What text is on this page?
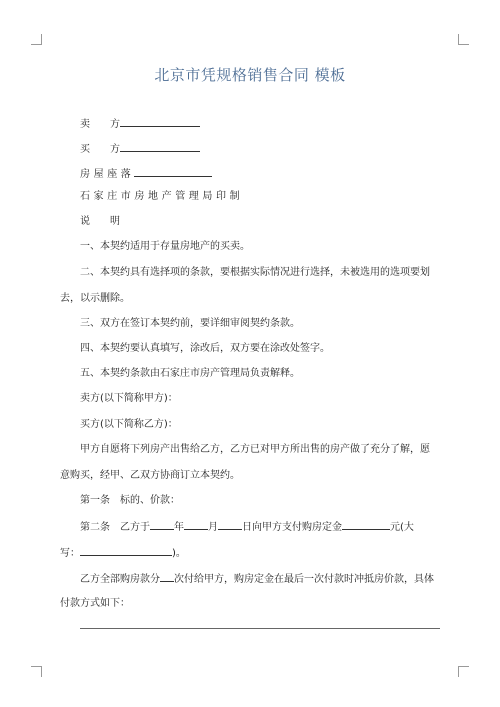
北京市凭规格销售合同 模板
卖　　方
买　　方
房屋座落
石家庄市房地产管理局印制
说　　明
一、本契约适用于存量房地产的买卖。
二、本契约具有选择项的条款，要根据实际情况进行选择，未被选用的选项要划
去，以示删除。
三、双方在签订本契约前，要详细审阅契约条款。
四、本契约要认真填写，涂改后，双方要在涂改处签字。
五、本契约条款由石家庄市房产管理局负责解释。
卖方(以下简称甲方)：
买方(以下简称乙方)：
甲方自愿将下列房产出售给乙方，乙方已对甲方所出售的房产做了充分了解，愿
意购买，经甲、乙双方协商订立本契约。
第一条　标的、价款：
第二条　乙方于 年 月 日向甲方支付购房定金	元(大
写：	)。
乙方全部购房款分 次付给甲方，购房定金在最后一次付款时冲抵房价款，具体
付款方式如下：
